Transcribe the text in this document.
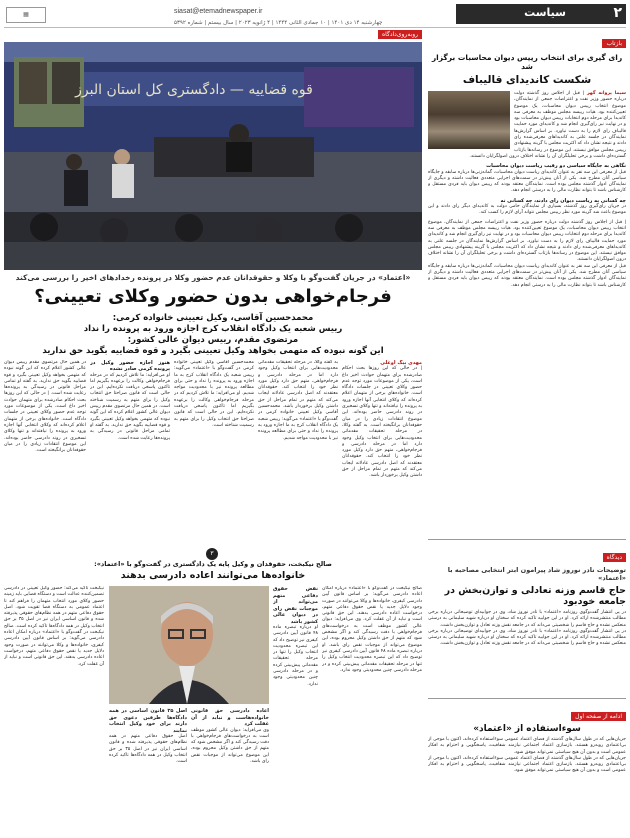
۲
سیاست
siasat@etemadnewspaper.ir
چهارشنبه ۱۴ دی ۱۴۰۱ | ۱۰ جمادی الثانی ۱۴۴۴ | ۴ ژانویه ۲۰۲۳ | سال بیستم | شماره ۵۳۹۲
▦
بازتاب
رای گیری برای انتخاب رییس دیوان محاسبات برگزار شد
شکست کاندیدای قالیباف
سیما پروانه گهر |‌ قبل از اجلاس روز گذشته دولت درباره حضور وزیر نفت و اعتراضات جمعی‌ از نمایندگان، موضوع انتخاب رییس دیوان محاسبات، یک موضوع تعیین‌کننده بود. هیات رییسه مجلس موظف به معرفی سه کاندیدا برای مرحله دوم انتخابات رییس دیوان محاسبات بود و در نهایت نیز رای‌گیری انجام شد و کاندیدای مورد حمایت قالیباف رای لازم را به دست نیاورد. بر اساس گزارش‌ها نمایندگان در جلسه علنی به کاندیداهای معرفی‌شده رای دادند و نتیجه نشان داد که اکثریت مجلس با گزینه پیشنهادی رییس مجلس موافق نیستند. این موضوع در رسانه‌ها بازتاب گسترده‌ای داشت و برخی تحلیلگران آن را نشانه اختلاف درون اصولگرایان دانستند.
نگاهی به جایگاه سیاسی دو رقیب ریاست دیوان محاسبات
قبل از معرفی این سه نفر به عنوان کاندیدای ریاست دیوان محاسبات، گمانه‌زنی‌ها درباره سابقه و جایگاه سیاسی آنان مطرح شد. یکی از آنان پیش‌تر در سمت‌های اجرایی متعددی فعالیت داشته و دیگری از نمایندگان ادوار گذشته مجلس بوده است. نمایندگان معتقد بودند که رییس دیوان باید فردی مستقل و کارشناس باشد تا بتواند نظارت مالی را به درستی انجام دهد.
چه کسانی به ریاست دیوان رای دادند، چه کسانی نه
در جریان رای‌گیری روز گذشته، بسیاری از نمایندگان حامی دولت به کاندیدای دیگر رای دادند و این موضوع باعث شد گزینه مورد نظر رییس مجلس نتواند آرای لازم را کسب کند.
|‌ قبل از اجلاس روز گذشته دولت درباره حضور وزیر نفت و اعتراضات جمعی‌ از نمایندگان، موضوع انتخاب رییس دیوان محاسبات، یک موضوع تعیین‌کننده بود. هیات رییسه مجلس موظف به معرفی سه کاندیدا برای مرحله دوم انتخابات رییس دیوان محاسبات بود و در نهایت نیز رای‌گیری انجام شد و کاندیدای مورد حمایت قالیباف رای لازم را به دست نیاورد. بر اساس گزارش‌ها نمایندگان در جلسه علنی به کاندیداهای معرفی‌شده رای دادند و نتیجه نشان داد که اکثریت مجلس با گزینه پیشنهادی رییس مجلس موافق نیستند. این موضوع در رسانه‌ها بازتاب گسترده‌ای داشت و برخی تحلیلگران آن را نشانه اختلاف درون اصولگرایان دانستند.
قبل از معرفی این سه نفر به عنوان کاندیدای ریاست دیوان محاسبات، گمانه‌زنی‌ها درباره سابقه و جایگاه سیاسی آنان مطرح شد. یکی از آنان پیش‌تر در سمت‌های اجرایی متعددی فعالیت داشته و دیگری از نمایندگان ادوار گذشته مجلس بوده است. نمایندگان معتقد بودند که رییس دیوان باید فردی مستقل و کارشناس باشد تا بتواند نظارت مالی را به درستی انجام دهد.
دیدگاه
توضیحات نادر نوروز شاد پیرامون ابتر انتخابی مصاحبه با «اعتماد»
حاج قاسم وزنه تعادلی و توازن‌بخش در جامعه خودبود
در پی انتشار گفت‌وگوی روزنامه «اعتماد» با نادر نوروز شاد، وی در جوابیه‌ای توضیحاتی درباره برخی مطالب منتشرشده ارائه کرد. او در این جوابیه تاکید کرده که سخنان او درباره شهید سلیمانی به درستی منعکس نشده و حاج قاسم را شخصیتی می‌داند که در جامعه نقش وزنه تعادل و توازن‌بخش داشت.
در پی انتشار گفت‌وگوی روزنامه «اعتماد» با نادر نوروز شاد، وی در جوابیه‌ای توضیحاتی درباره برخی مطالب منتشرشده ارائه کرد. او در این جوابیه تاکید کرده که سخنان او درباره شهید سلیمانی به درستی منعکس نشده و حاج قاسم را شخصیتی می‌داند که در جامعه نقش وزنه تعادل و توازن‌بخش داشت.
ادامه از صفحه اول
سو‌ءاستفاده از «اعتماد»
جریان‌هایی که در طول سال‌های گذشته از فضای اعتماد عمومی سوءاستفاده کرده‌اند، اکنون با موجی از بی‌اعتمادی روبه‌رو هستند. بازسازی اعتماد اجتماعی نیازمند شفافیت، پاسخگویی و احترام به افکار عمومی است و بدون آن هیچ سیاستی نمی‌تواند موفق شود.
جریان‌هایی که در طول سال‌های گذشته از فضای اعتماد عمومی سوءاستفاده کرده‌اند، اکنون با موجی از بی‌اعتمادی روبه‌رو هستند. بازسازی اعتماد اجتماعی نیازمند شفافیت، پاسخگویی و احترام به افکار عمومی است و بدون آن هیچ سیاستی نمی‌تواند موفق شود.
روبه‌روی‌دادگاه
قوه قضاییه — دادگستری کل استان البرز
«اعتماد» در جریان گفت‌وگو با وکلا و حقوقدانان عدم حضور وکلا در پرونده رخدادهای اخیر را بررسی می‌کند
فرجام‌خواهی بدون حضور وکلای تعیینی؟
محمدحسین آقاسی، وکیل تعیینی خانواده کرمی:
رییس شعبه یک دادگاه انقلاب کرج اجازه ورود به پرونده را نداد
مرتضوی مقدم، رییس دیوان عالی کشور:
این گونه نبوده که متهمی بخواهد وکیل تعیینی بگیرد و قوه قضاییه بگوید حق ندارید
مهدی بیگ اوغلی
| در حالی که این روزها بحث احکام صادرشده برای متهمان حوادث اخیر داغ است، یکی از موضوعات مورد توجه عدم حضور وکلای تعیینی در جلسات دادگاه است. خانواده‌های برخی از متهمان اعلام کرده‌اند که وکلای انتخابی آنها اجازه ورود به پرونده را نیافته‌اند و تنها وکلای تسخیری در روند دادرسی حاضر بوده‌اند. این موضوع انتقادات زیادی را در میان حقوقدانان برانگیخته است. به گفته وکلا، در مرحله تحقیقات مقدماتی محدودیت‌هایی برای انتخاب وکیل وجود دارد اما در مرحله دادرسی و فرجام‌خواهی، متهم حق دارد وکیل مورد نظر خود را انتخاب کند. حقوقدانان معتقدند که اصل دادرسی عادلانه ایجاب می‌کند که متهم در تمام مراحل از حق داشتن وکیل برخوردار باشد.
به گفته وکلا، در مرحله تحقیقات مقدماتی محدودیت‌هایی برای انتخاب وکیل وجود دارد اما در مرحله دادرسی و فرجام‌خواهی، متهم حق دارد وکیل مورد نظر خود را انتخاب کند. حقوقدانان معتقدند که اصل دادرسی عادلانه ایجاب می‌کند که متهم در تمام مراحل از حق داشتن وکیل برخوردار باشد. محمدحسین آقاسی وکیل تعیینی خانواده کرمی در گفت‌وگو با «اعتماد» می‌گوید: رییس شعبه یک دادگاه انقلاب کرج به ما اجازه ورود به پرونده را نداد و حتی برای مطالعه پرونده نیز با محدودیت مواجه شدیم.
محمدحسین آقاسی وکیل تعیینی خانواده کرمی در گفت‌وگو با «اعتماد» می‌گوید: رییس شعبه یک دادگاه انقلاب کرج به ما اجازه ورود به پرونده را نداد و حتی برای مطالعه پرونده نیز با محدودیت مواجه شدیم. او می‌افزاید: ما تلاش کردیم که در مرحله فرجام‌خواهی وکالت را برعهده بگیریم اما تاکنون پاسخی دریافت نکرده‌ایم. این در حالی است که قانون صراحتا حق انتخاب وکیل را برای متهم به رسمیت شناخته است.
هنوز اجازه حضور وکیل در پرونده کرمی صادر نشده
او می‌افزاید: ما تلاش کردیم که در مرحله فرجام‌خواهی وکالت را برعهده بگیریم اما تاکنون پاسخی دریافت نکرده‌ایم. این در حالی است که قانون صراحتا حق انتخاب وکیل را برای متهم به رسمیت شناخته است. در همین حال مرتضوی مقدم رییس دیوان عالی کشور اعلام کرده که این گونه نبوده که متهمی بخواهد وکیل تعیینی بگیرد و قوه قضاییه بگوید حق ندارید. به گفته او تمامی مراحل قانونی در رسیدگی به پرونده‌ها رعایت شده است.
در همین حال مرتضوی مقدم رییس دیوان عالی کشور اعلام کرده که این گونه نبوده که متهمی بخواهد وکیل تعیینی بگیرد و قوه قضاییه بگوید حق ندارید. به گفته او تمامی مراحل قانونی در رسیدگی به پرونده‌ها رعایت شده است. | در حالی که این روزها بحث احکام صادرشده برای متهمان حوادث اخیر داغ است، یکی از موضوعات مورد توجه عدم حضور وکلای تعیینی در جلسات دادگاه است. خانواده‌های برخی از متهمان اعلام کرده‌اند که وکلای انتخابی آنها اجازه ورود به پرونده را نیافته‌اند و تنها وکلای تسخیری در روند دادرسی حاضر بوده‌اند. این موضوع انتقادات زیادی را در میان حقوقدانان برانگیخته است.
۳
صالح نیکبخت، حقوقدان و وکیل پایه یک دادگستری در گفت‌وگو با «اعتماد»:
خانواده‌ها می‌توانند اعاده دادرسی بدهند
صالح نیکبخت در گفت‌وگو با «اعتماد» درباره امکان اعاده دادرسی می‌گوید: بر اساس قانون آیین دادرسی کیفری، خانواده‌ها و وکلا می‌توانند در صورت وجود دلایل جدید یا نقض حقوق دفاعی متهم، درخواست اعاده دادرسی بدهند. این حق قانونی است و نباید از آن غفلت کرد. وی می‌افزاید: دیوان عالی کشور موظف است به درخواست‌های فرجام‌خواهی با دقت رسیدگی کند و اگر مشخص شود که متهم از حق داشتن وکیل محروم بوده، این موضوع می‌تواند از موجبات نقض رای باشد. او درباره تبصره ماده ۴۸ قانون آیین دادرسی کیفری نیز توضیح داد که این تبصره محدودیت انتخاب وکیل را تنها در مرحله تحقیقات مقدماتی پیش‌بینی کرده و در مرحله دادرسی چنین محدودیتی وجود ندارد.
نیکبخت تاکید می‌کند: حضور وکیل تعیینی در دادرسی تضمین‌کننده عدالت است و دستگاه قضایی باید زمینه حضور وکلای مورد انتخاب متهمان را فراهم کند تا اعتماد عمومی به دستگاه قضا تقویت شود. اصل حقوق دفاعی متهم در همه نظام‌های حقوقی پذیرفته شده و قانون اساسی ایران نیز در اصل ۳۵ بر حق انتخاب وکیل در همه دادگاه‌ها تاکید کرده است. صالح نیکبخت در گفت‌وگو با «اعتماد» درباره امکان اعاده دادرسی می‌گوید: بر اساس قانون آیین دادرسی کیفری، خانواده‌ها و وکلا می‌توانند در صورت وجود دلایل جدید یا نقض حقوق دفاعی متهم، درخواست اعاده دادرسی بدهند. این حق قانونی است و نباید از آن غفلت کرد.
اصل ۳۵ قانون اساسی در همه دادگاه‌ها طرفین دعوی حق دارند برای خود وکیل انتخاب نمایند
اصل حقوق دفاعی متهم در همه نظام‌های حقوقی پذیرفته شده و قانون اساسی ایران نیز در اصل ۳۵ بر حق انتخاب وکیل در همه دادگاه‌ها تاکید کرده است.
اعاده دادرسی حق قانونی خانواده‌هاست و نباید از آن غفلت کرد
وی می‌افزاید: دیوان عالی کشور موظف است به درخواست‌های فرجام‌خواهی با دقت رسیدگی کند و اگر مشخص شود که متهم از حق داشتن وکیل محروم بوده، این موضوع می‌تواند از موجبات نقض رای باشد.
نقض حقوق دفاعی متهم می‌تواند از موجبات نقض رای در دیوان عالی کشور باشد
او درباره تبصره ماده ۴۸ قانون آیین دادرسی کیفری نیز توضیح داد که این تبصره محدودیت انتخاب وکیل را تنها در مرحله تحقیقات مقدماتی پیش‌بینی کرده و در مرحله دادرسی چنین محدودیتی وجود ندارد.
